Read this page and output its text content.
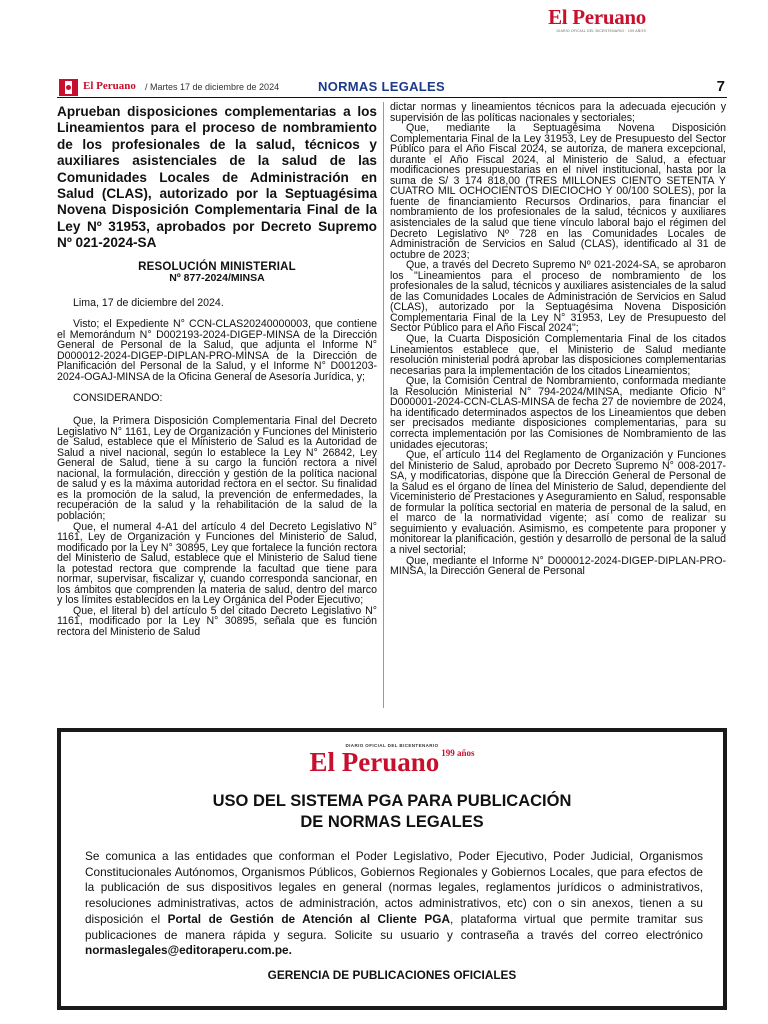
El Peruano
DIARIO OFICIAL DEL BICENTENARIO · 199 AÑOS
El Peruano / Martes 17 de diciembre de 2024	NORMAS LEGALES	7
Aprueban disposiciones complementarias a los Lineamientos para el proceso de nombramiento de los profesionales de la salud, técnicos y auxiliares asistenciales de la salud de las Comunidades Locales de Administración en Salud (CLAS), autorizado por la Septuagésima Novena Disposición Complementaria Final de la Ley Nº 31953, aprobados por Decreto Supremo Nº 021-2024-SA
RESOLUCIÓN MINISTERIAL
Nº 877-2024/MINSA

Lima, 17 de diciembre del 2024.

Visto; el Expediente N° CCN-CLAS20240000003, que contiene el Memorándum N° D002193-2024-DIGEP-MINSA de la Dirección General de Personal de la Salud, que adjunta el Informe N° D000012-2024-DIGEP-DIPLAN-PRO-MINSA de la Dirección de Planificación del Personal de la Salud, y el Informe N° D001203-2024-OGAJ-MINSA de la Oficina General de Asesoría Jurídica, y;

CONSIDERANDO:

Que, la Primera Disposición Complementaria Final del Decreto Legislativo N° 1161, Ley de Organización y Funciones del Ministerio de Salud, establece que el Ministerio de Salud es la Autoridad de Salud a nivel nacional, según lo establece la Ley N° 26842, Ley General de Salud, tiene a su cargo la función rectora a nivel nacional, la formulación, dirección y gestión de la política nacional de salud y es la máxima autoridad rectora en el sector. Su finalidad es la promoción de la salud, la prevención de enfermedades, la recuperación de la salud y la rehabilitación de la salud de la población;

Que, el numeral 4-A1 del artículo 4 del Decreto Legislativo N° 1161, Ley de Organización y Funciones del Ministerio de Salud, modificado por la Ley N° 30895, Ley que fortalece la función rectora del Ministerio de Salud, establece que el Ministerio de Salud tiene la potestad rectora que comprende la facultad que tiene para normar, supervisar, fiscalizar y, cuando corresponda sancionar, en los ámbitos que comprenden la materia de salud, dentro del marco y los límites establecidos en la Ley Orgánica del Poder Ejecutivo;

Que, el literal b) del artículo 5 del citado Decreto Legislativo N° 1161, modificado por la Ley N° 30895, señala que es función rectora del Ministerio de Salud

dictar normas y lineamientos técnicos para la adecuada ejecución y supervisión de las políticas nacionales y sectoriales;

Que, mediante la Septuagésima Novena Disposición Complementaria Final de la Ley 31953, Ley de Presupuesto del Sector Público para el Año Fiscal 2024, se autoriza, de manera excepcional, durante el Año Fiscal 2024, al Ministerio de Salud, a efectuar modificaciones presupuestarias en el nivel institucional, hasta por la suma de S/ 3 174 818,00 (TRES MILLONES CIENTO SETENTA Y CUATRO MIL OCHOCIENTOS DIECIOCHO Y 00/100 SOLES), por la fuente de financiamiento Recursos Ordinarios, para financiar el nombramiento de los profesionales de la salud, técnicos y auxiliares asistenciales de la salud que tiene vínculo laboral bajo el régimen del Decreto Legislativo Nº 728 en las Comunidades Locales de Administración de Servicios en Salud (CLAS), identificado al 31 de octubre de 2023;

Que, a través del Decreto Supremo Nº 021-2024-SA, se aprobaron los "Lineamientos para el proceso de nombramiento de los profesionales de la salud, técnicos y auxiliares asistenciales de la salud de las Comunidades Locales de Administración de Servicios en Salud (CLAS), autorizado por la Septuagésima Novena Disposición Complementaria Final de la Ley N° 31953, Ley de Presupuesto del Sector Público para el Año Fiscal 2024";

Que, la Cuarta Disposición Complementaria Final de los citados Lineamientos establece que, el Ministerio de Salud mediante resolución ministerial podrá aprobar las disposiciones complementarias necesarias para la implementación de los citados Lineamientos;

Que, la Comisión Central de Nombramiento, conformada mediante la Resolución Ministerial N° 794-2024/MINSA, mediante Oficio N° D000001-2024-CCN-CLAS-MINSA de fecha 27 de noviembre de 2024, ha identificado determinados aspectos de los Lineamientos que deben ser precisados mediante disposiciones complementarias, para su correcta implementación por las Comisiones de Nombramiento de las unidades ejecutoras;

Que, el artículo 114 del Reglamento de Organización y Funciones del Ministerio de Salud, aprobado por Decreto Supremo N° 008-2017-SA, y modificatorias, dispone que la Dirección General de Personal de la Salud es el órgano de línea del Ministerio de Salud, dependiente del Viceministerio de Prestaciones y Aseguramiento en Salud, responsable de formular la política sectorial en materia de personal de la salud, en el marco de la normatividad vigente; así como de realizar su seguimiento y evaluación. Asimismo, es competente para proponer y monitorear la planificación, gestión y desarrollo de personal de la salud a nivel sectorial;

Que, mediante el Informe N° D000012-2024-DIGEP-DIPLAN-PRO-MINSA, la Dirección General de Personal

DIARIO OFICIAL DEL BICENTENARIO
El Peruano $^{199 años}$
USO DEL SISTEMA PGA PARA PUBLICACIÓN
DE NORMAS LEGALES
Se comunica a las entidades que conforman el Poder Legislativo, Poder Ejecutivo, Poder Judicial, Organismos Constitucionales Autónomos, Organismos Públicos, Gobiernos Regionales y Gobiernos Locales, que para efectos de la publicación de sus dispositivos legales en general (normas legales, reglamentos jurídicos o administrativos, resoluciones administrativas, actos de administración, actos administrativos, etc) con o sin anexos, tienen a su disposición el Portal de Gestión de Atención al Cliente PGA, plataforma virtual que permite tramitar sus publicaciones de manera rápida y segura. Solicite su usuario y contraseña a través del correo electrónico normaslegales@editoraperu.com.pe.
GERENCIA DE PUBLICACIONES OFICIALES
